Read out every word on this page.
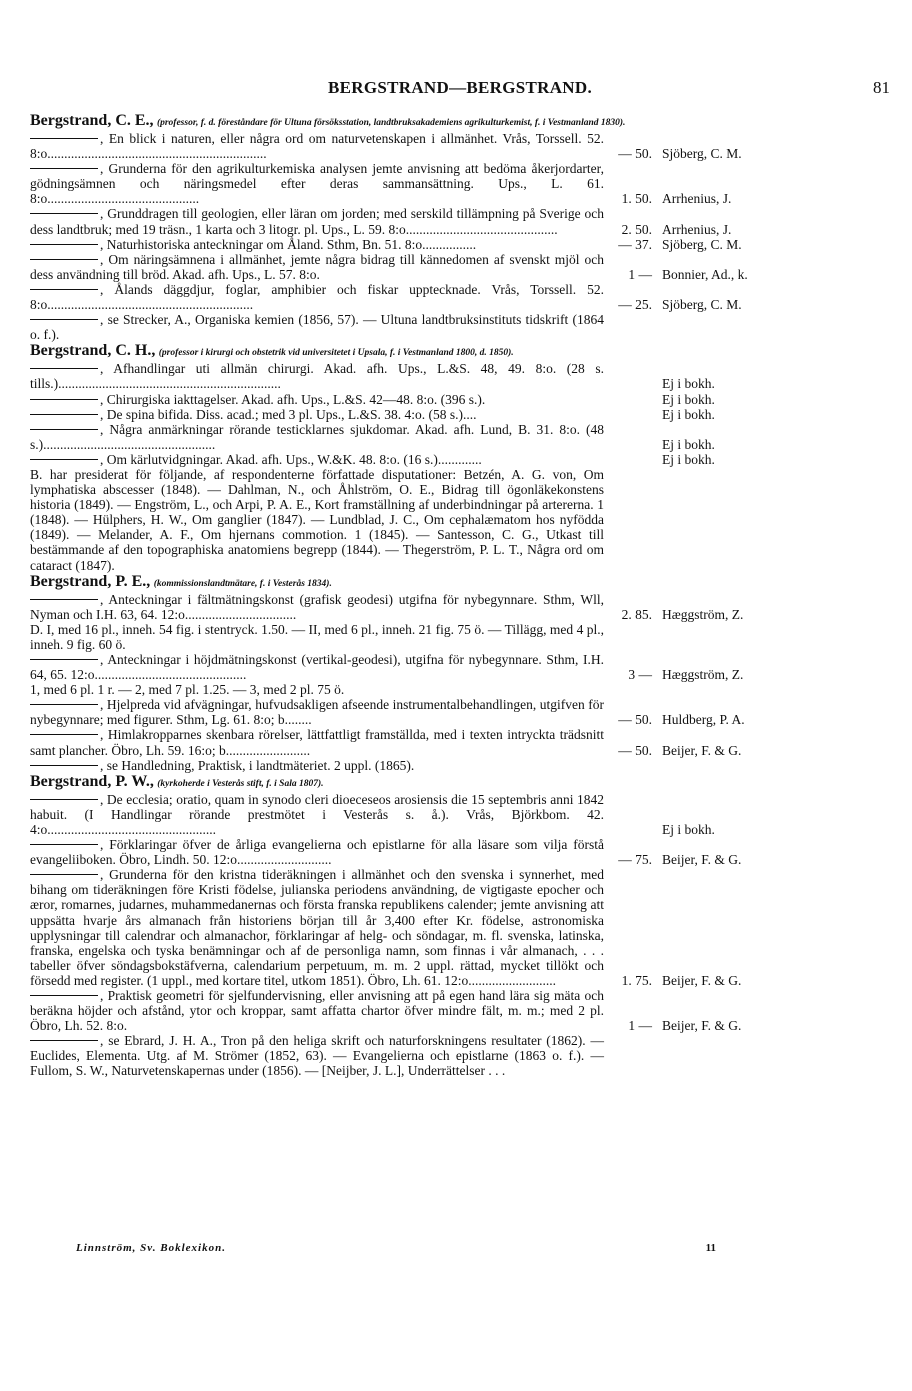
BERGSTRAND—BERGSTRAND.	81
Bergstrand, C. E., (professor, f. d. föreståndare för Ultuna försöksstation, landtbruksakademiens agrikulturkemist, f. i Vestmanland 1830).
, En blick i naturen, eller några ord om naturvetenskapen i allmänhet. Vrås, Torssell. 52. 8:o.................................................................	— 50. Sjöberg, C. M.
, Grunderna för den agrikulturkemiska analysen jemte anvisning att bedöma åkerjordarter, gödningsämnen och näringsmedel efter deras sammansättning. Ups., L. 61. 8:o.............................................	1. 50. Arrhenius, J.
, Grunddragen till geologien, eller läran om jorden; med serskild tillämpning på Sverige och dess landtbruk; med 19 träsn., 1 karta och 3 litogr. pl. Ups., L. 59. 8:o.............................................	2. 50. Arrhenius, J.
, Naturhistoriska anteckningar om Åland. Sthm, Bn. 51. 8:o................	— 37. Sjöberg, C. M.
, Om näringsämnena i allmänhet, jemte några bidrag till kännedomen af svenskt mjöl och dess användning till bröd. Akad. afh. Ups., L. 57. 8:o.	1 — Bonnier, Ad., k.
, Ålands däggdjur, foglar, amphibier och fiskar upptecknade. Vrås, Torssell. 52. 8:o.............................................................	— 25. Sjöberg, C. M.
, se Strecker, A., Organiska kemien (1856, 57). — Ultuna landtbruksinstituts tidskrift (1864 o. f.).
Bergstrand, C. H., (professor i kirurgi och obstetrik vid universitetet i Upsala, f. i Vestmanland 1800, d. 1850).
, Afhandlingar uti allmän chirurgi. Akad. afh. Ups., L.&S. 48, 49. 8:o. (28 s. tills.)..................................................................	Ej i bokh.
, Chirurgiska iakttagelser. Akad. afh. Ups., L.&S. 42—48. 8:o. (396 s.).	Ej i bokh.
, De spina bifida. Diss. acad.; med 3 pl. Ups., L.&S. 38. 4:o. (58 s.)....	Ej i bokh.
, Några anmärkningar rörande testicklarnes sjukdomar. Akad. afh. Lund, B. 31. 8:o. (48 s.)...................................................	Ej i bokh.
, Om kärlutvidgningar. Akad. afh. Ups., W.&K. 48. 8:o. (16 s.).............	Ej i bokh.
B. har presiderat för följande, af respondenterne författade disputationer: Betzén, A. G. von, Om lymphatiska abscesser (1848). — Dahlman, N., och Åhlström, O. E., Bidrag till ögonläkekonstens historia (1849). — Engström, L., och Arpi, P. A. E., Kort framställning af underbindningar på artererna. 1 (1848). — Hülphers, H. W., Om ganglier (1847). — Lundblad, J. C., Om cephalæmatom hos nyfödda (1849). — Melander, A. F., Om hjernans commotion. 1 (1845). — Santesson, C. G., Utkast till bestämmande af den topographiska anatomiens begrepp (1844). — Thegerström, P. L. T., Några ord om cataract (1847).
Bergstrand, P. E., (kommissionslandtmätare, f. i Vesterås 1834).
, Anteckningar i fältmätningskonst (grafisk geodesi) utgifna för nybegynnare. Sthm, Wll, Nyman och I.H. 63, 64. 12:o.................................	2. 85. Hæggström, Z.
D. I, med 16 pl., inneh. 54 fig. i stentryck. 1.50. — II, med 6 pl., inneh. 21 fig. 75 ö. — Tillägg, med 4 pl., inneh. 9 fig. 60 ö.
, Anteckningar i höjdmätningskonst (vertikal-geodesi), utgifna för nybegynnare. Sthm, I.H. 64, 65. 12:o.............................................	3 — Hæggström, Z.
1, med 6 pl. 1 r. — 2, med 7 pl. 1.25. — 3, med 2 pl. 75 ö.
, Hjelpreda vid afvägningar, hufvudsakligen afseende instrumentalbehandlingen, utgifven för nybegynnare; med figurer. Sthm, Lg. 61. 8:o; b........	— 50. Huldberg, P. A.
, Himlakropparnes skenbara rörelser, lättfattligt framställda, med i texten intryckta trädsnitt samt plancher. Öbro, Lh. 59. 16:o; b.........................	— 50. Beijer, F. & G.
, se Handledning, Praktisk, i landtmäteriet. 2 uppl. (1865).
Bergstrand, P. W., (kyrkoherde i Vesterås stift, f. i Sala 1807).
, De ecclesia; oratio, quam in synodo cleri dioeceseos arosiensis die 15 septembris anni 1842 habuit. (I Handlingar rörande prestmötet i Vesterås s. å.). Vrås, Björkbom. 42. 4:o..................................................	Ej i bokh.
, Förklaringar öfver de årliga evangelierna och epistlarne för alla läsare som vilja förstå evangeliiboken. Öbro, Lindh. 50. 12:o............................	— 75. Beijer, F. & G.
, Grunderna för den kristna tideräkningen i allmänhet och den svenska i synnerhet, med bihang om tideräkningen före Kristi födelse, julianska periodens användning, de vigtigaste epocher och æror, romarnes, judarnes, muhammedanernas och första franska republikens calender; jemte anvisning att uppsätta hvarje års almanach från historiens början till år 3,400 efter Kr. födelse, astronomiska upplysningar till calendrar och almanachor, förklaringar af helg- och söndagar, m. fl. svenska, latinska, franska, engelska och tyska benämningar och af de personliga namn, som finnas i vår almanach, . . . tabeller öfver söndagsbokstäfverna, calendarium perpetuum, m. m. 2 uppl. rättad, mycket tillökt och försedd med register. (1 uppl., med kortare titel, utkom 1851). Öbro, Lh. 61. 12:o..........................	1. 75. Beijer, F. & G.
, Praktisk geometri för sjelfundervisning, eller anvisning att på egen hand lära sig mäta och beräkna höjder och afstånd, ytor och kroppar, samt affatta chartor öfver mindre fält, m. m.; med 2 pl. Öbro, Lh. 52. 8:o.	1 — Beijer, F. & G.
, se Ebrard, J. H. A., Tron på den heliga skrift och naturforskningens resultater (1862). — Euclides, Elementa. Utg. af M. Strömer (1852, 63). — Evangelierna och epistlarne (1863 o. f.). — Fullom, S. W., Naturvetenskapernas under (1856). — [Neijber, J. L.], Underrättelser . . .
Linnström, Sv. Boklexikon.	11
